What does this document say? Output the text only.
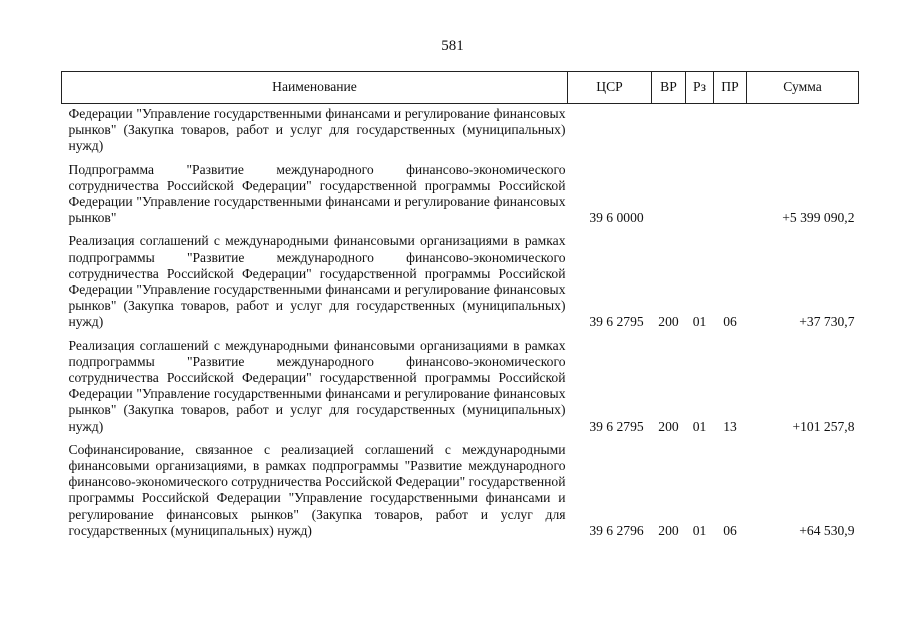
581
Наименование	ЦСР	ВР	Рз	ПР	Сумма
Федерации "Управление государственными финансами и регулирование финансовых рынков" (Закупка товаров, работ и услуг для государственных (муниципальных) нужд)					
Подпрограмма "Развитие международного финансово-экономического сотрудничества Российской Федерации" государственной программы Российской Федерации "Управление государственными финансами и регулирование финансовых рынков"	39 6 0000				+5 399 090,2
Реализация соглашений с международными финансовыми организациями в рамках подпрограммы "Развитие международного финансово-экономического сотрудничества Российской Федерации" государственной программы Российской Федерации "Управление государственными финансами и регулирование финансовых рынков" (Закупка товаров, работ и услуг для государственных (муниципальных) нужд)	39 6 2795	200	01	06	+37 730,7
Реализация соглашений с международными финансовыми организациями в рамках подпрограммы "Развитие международного финансово-экономического сотрудничества Российской Федерации" государственной программы Российской Федерации "Управление государственными финансами и регулирование финансовых рынков" (Закупка товаров, работ и услуг для государственных (муниципальных) нужд)	39 6 2795	200	01	13	+101 257,8
Софинансирование, связанное с реализацией соглашений с международными финансовыми организациями, в рамках подпрограммы "Развитие международного финансово-экономического сотрудничества Российской Федерации" государственной программы Российской Федерации "Управление государственными финансами и регулирование финансовых рынков" (Закупка товаров, работ и услуг для государственных (муниципальных) нужд)	39 6 2796	200	01	06	+64 530,9
